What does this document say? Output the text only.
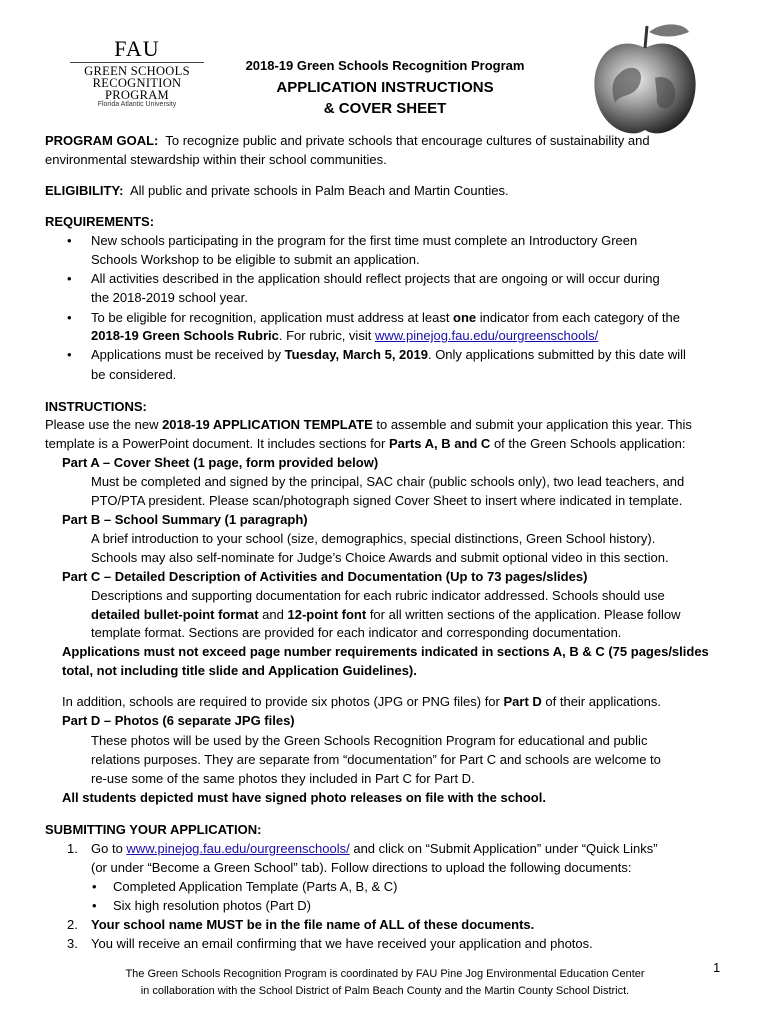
FAU
GREEN SCHOOLS
RECOGNITION PROGRAM
Florida Atlantic University
2018-19 Green Schools Recognition Program
APPLICATION INSTRUCTIONS
& COVER SHEET
PROGRAM GOAL: To recognize public and private schools that encourage cultures of sustainability and
environmental stewardship within their school communities.
ELIGIBILITY: All public and private schools in Palm Beach and Martin Counties.
REQUIREMENTS:
• New schools participating in the program for the first time must complete an Introductory Green
Schools Workshop to be eligible to submit an application.
• All activities described in the application should reflect projects that are ongoing or will occur during
the 2018-2019 school year.
• To be eligible for recognition, application must address at least one indicator from each category of the
2018-19 Green Schools Rubric. For rubric, visit www.pinejog.fau.edu/ourgreenschools/
• Applications must be received by Tuesday, March 5, 2019. Only applications submitted by this date will
be considered.
INSTRUCTIONS:
Please use the new 2018-19 APPLICATION TEMPLATE to assemble and submit your application this year. This
template is a PowerPoint document. It includes sections for Parts A, B and C of the Green Schools application:
Part A – Cover Sheet (1 page, form provided below)
Must be completed and signed by the principal, SAC chair (public schools only), two lead teachers, and
PTO/PTA president. Please scan/photograph signed Cover Sheet to insert where indicated in template.
Part B – School Summary (1 paragraph)
A brief introduction to your school (size, demographics, special distinctions, Green School history).
Schools may also self-nominate for Judge’s Choice Awards and submit optional video in this section.
Part C – Detailed Description of Activities and Documentation (Up to 73 pages/slides)
Descriptions and supporting documentation for each rubric indicator addressed. Schools should use
detailed bullet-point format and 12-point font for all written sections of the application. Please follow
template format. Sections are provided for each indicator and corresponding documentation.
Applications must not exceed page number requirements indicated in sections A, B & C (75 pages/slides
total, not including title slide and Application Guidelines).
In addition, schools are required to provide six photos (JPG or PNG files) for Part D of their applications.
Part D – Photos (6 separate JPG files)
These photos will be used by the Green Schools Recognition Program for educational and public
relations purposes. They are separate from “documentation” for Part C and schools are welcome to
re-use some of the same photos they included in Part C for Part D.
All students depicted must have signed photo releases on file with the school.
SUBMITTING YOUR APPLICATION:
1. Go to www.pinejog.fau.edu/ourgreenschools/ and click on “Submit Application” under “Quick Links”
(or under “Become a Green School” tab). Follow directions to upload the following documents:
• Completed Application Template (Parts A, B, & C)
• Six high resolution photos (Part D)
2. Your school name MUST be in the file name of ALL of these documents.
3. You will receive an email confirming that we have received your application and photos.
1
The Green Schools Recognition Program is coordinated by FAU Pine Jog Environmental Education Center
in collaboration with the School District of Palm Beach County and the Martin County School District.
